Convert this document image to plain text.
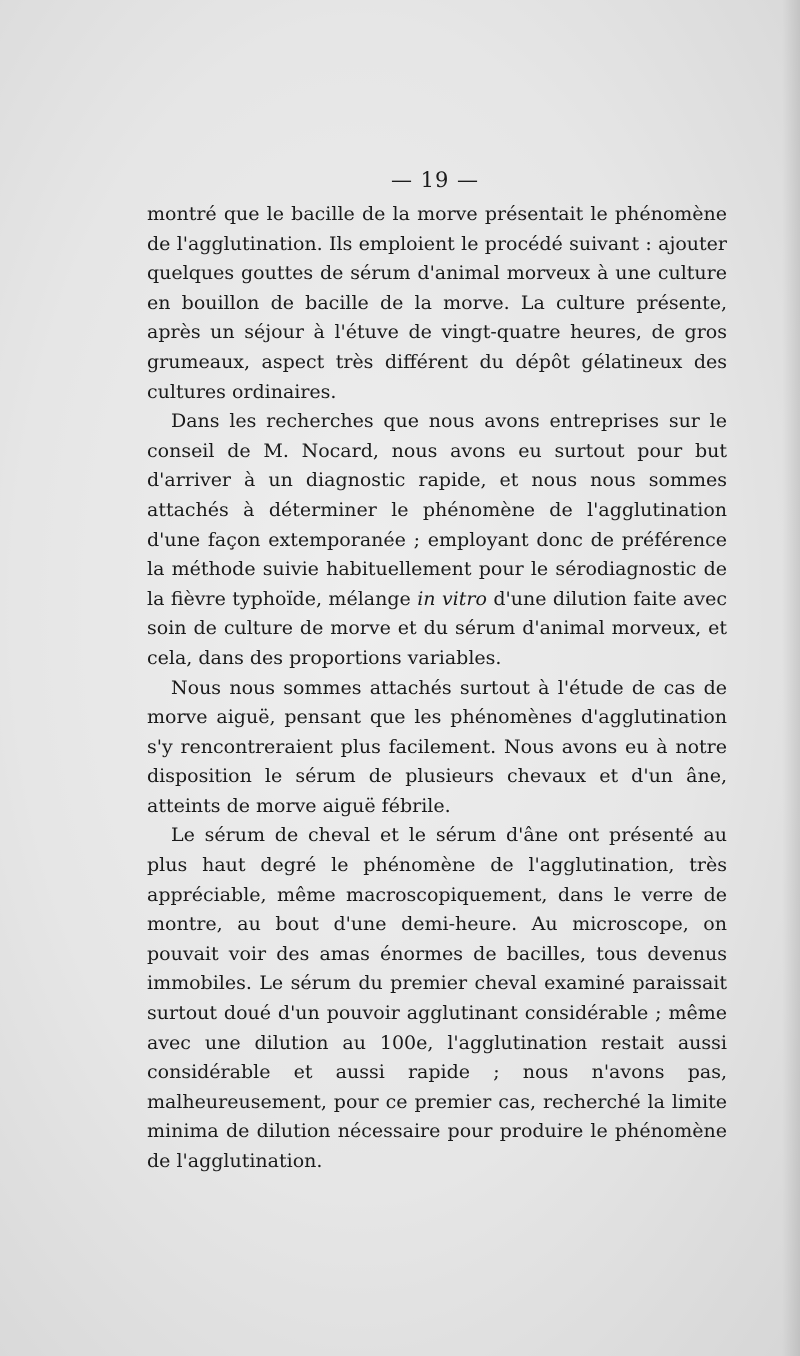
— 19 —

montré que le bacille de la morve présentait le phénomène de l'agglutination. Ils emploient le procédé suivant : ajouter quelques gouttes de sérum d'animal morveux à une culture en bouillon de bacille de la morve. La culture présente, après un séjour à l'étuve de vingt-quatre heures, de gros grumeaux, aspect très différent du dépôt gélatineux des cultures ordinaires.

Dans les recherches que nous avons entreprises sur le conseil de M. Nocard, nous avons eu surtout pour but d'arriver à un diagnostic rapide, et nous nous sommes attachés à déterminer le phénomène de l'agglutination d'une façon extemporanée ; employant donc de préférence la méthode suivie habituellement pour le sérodiagnostic de la fièvre typhoïde, mélange in vitro d'une dilution faite avec soin de culture de morve et du sérum d'animal morveux, et cela, dans des proportions variables.

Nous nous sommes attachés surtout à l'étude de cas de morve aiguë, pensant que les phénomènes d'agglutination s'y rencontreraient plus facilement. Nous avons eu à notre disposition le sérum de plusieurs chevaux et d'un âne, atteints de morve aiguë fébrile.

Le sérum de cheval et le sérum d'âne ont présenté au plus haut degré le phénomène de l'agglutination, très appréciable, même macroscopiquement, dans le verre de montre, au bout d'une demi-heure. Au microscope, on pouvait voir des amas énormes de bacilles, tous devenus immobiles. Le sérum du premier cheval examiné paraissait surtout doué d'un pouvoir agglutinant considérable ; même avec une dilution au 100e, l'agglutination restait aussi considérable et aussi rapide ; nous n'avons pas, malheureusement, pour ce premier cas, recherché la limite minima de dilution nécessaire pour produire le phénomène de l'agglutination.
